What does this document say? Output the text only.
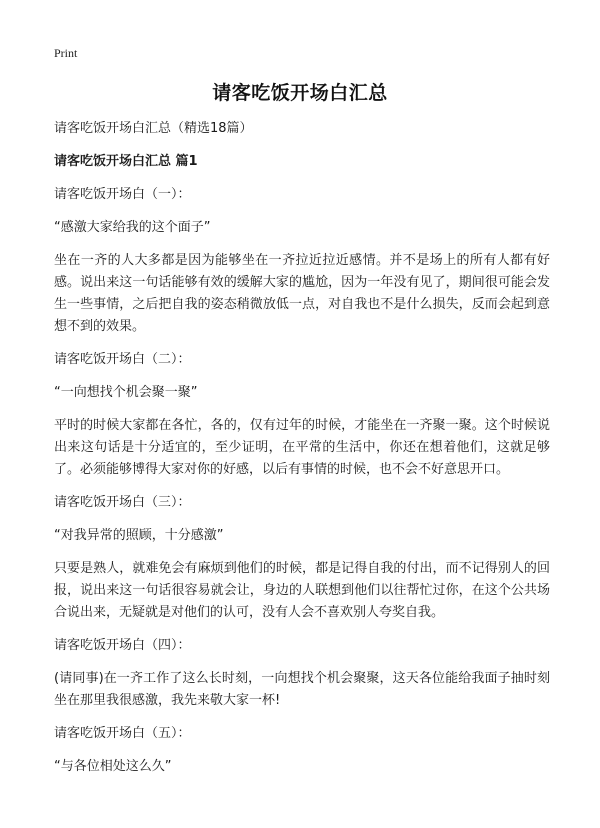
Print
请客吃饭开场白汇总

请客吃饭开场白汇总（精选18篇）

请客吃饭开场白汇总 篇1

请客吃饭开场白（一）：

“感激大家给我的这个面子”

坐在一齐的人大多都是因为能够坐在一齐拉近拉近感情。并不是场上的所有人都有好感。说出来这一句话能够有效的缓解大家的尴尬，因为一年没有见了，期间很可能会发生一些事情，之后把自我的姿态稍微放低一点，对自我也不是什么损失，反而会起到意想不到的效果。

请客吃饭开场白（二）：

“一向想找个机会聚一聚”

平时的时候大家都在各忙，各的，仅有过年的时候，才能坐在一齐聚一聚。这个时候说出来这句话是十分适宜的，至少证明，在平常的生活中，你还在想着他们，这就足够了。必须能够博得大家对你的好感，以后有事情的时候，也不会不好意思开口。

请客吃饭开场白（三）：

“对我异常的照顾，十分感激”

只要是熟人，就难免会有麻烦到他们的时候，都是记得自我的付出，而不记得别人的回报，说出来这一句话很容易就会让，身边的人联想到他们以往帮忙过你，在这个公共场合说出来，无疑就是对他们的认可，没有人会不喜欢别人夸奖自我。

请客吃饭开场白（四）：

(请同事)在一齐工作了这么长时刻，一向想找个机会聚聚，这天各位能给我面子抽时刻坐在那里我很感激，我先来敬大家一杯!

请客吃饭开场白（五）：

“与各位相处这么久”
